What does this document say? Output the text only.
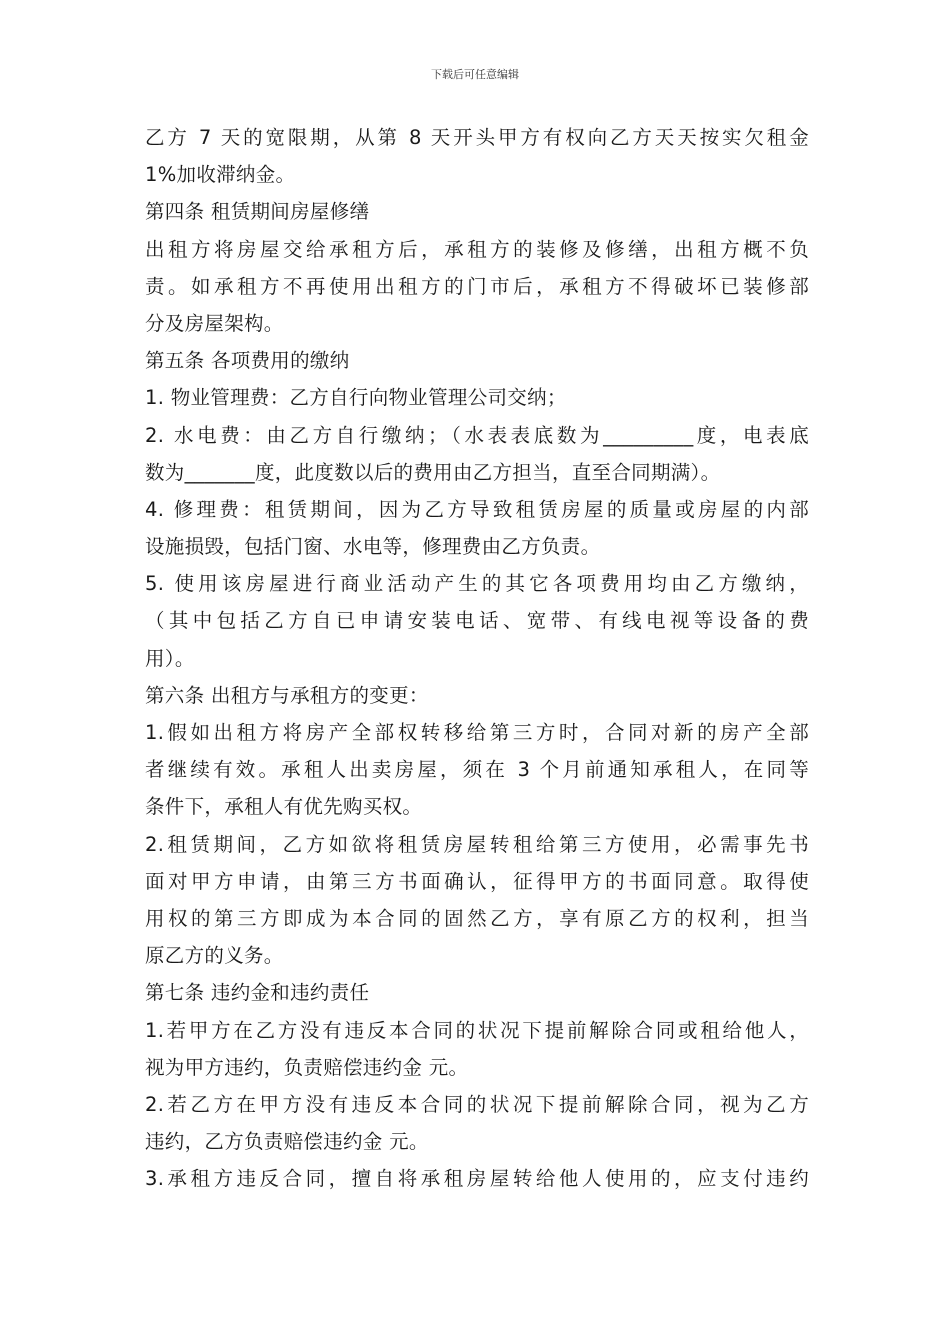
下载后可任意编辑
乙方 7 天的宽限期，从第 8 天开头甲方有权向乙方天天按实欠租金
1%加收滞纳金。
第四条 租赁期间房屋修缮
出租方将房屋交给承租方后，承租方的装修及修缮，出租方概不负
责。如承租方不再使用出租方的门市后，承租方不得破坏已装修部
分及房屋架构。
第五条 各项费用的缴纳
1. 物业管理费：乙方自行向物业管理公司交纳；
2. 水电费：由乙方自行缴纳；（水表表底数为_________度，电表底
数为_______度，此度数以后的费用由乙方担当，直至合同期满）。
4. 修理费：租赁期间，因为乙方导致租赁房屋的质量或房屋的内部
设施损毁，包括门窗、水电等，修理费由乙方负责。
5. 使用该房屋进行商业活动产生的其它各项费用均由乙方缴纳，
（其中包括乙方自已申请安装电话、宽带、有线电视等设备的费
用）。
第六条 出租方与承租方的变更：
1.假如出租方将房产全部权转移给第三方时，合同对新的房产全部
者继续有效。承租人出卖房屋，须在 3 个月前通知承租人，在同等
条件下，承租人有优先购买权。
2.租赁期间，乙方如欲将租赁房屋转租给第三方使用，必需事先书
面对甲方申请，由第三方书面确认，征得甲方的书面同意。取得使
用权的第三方即成为本合同的固然乙方，享有原乙方的权利，担当
原乙方的义务。
第七条 违约金和违约责任
1.若甲方在乙方没有违反本合同的状况下提前解除合同或租给他人，
视为甲方违约，负责赔偿违约金 元。
2.若乙方在甲方没有违反本合同的状况下提前解除合同，视为乙方
违约，乙方负责赔偿违约金 元。
3.承租方违反合同，擅自将承租房屋转给他人使用的，应支付违约
